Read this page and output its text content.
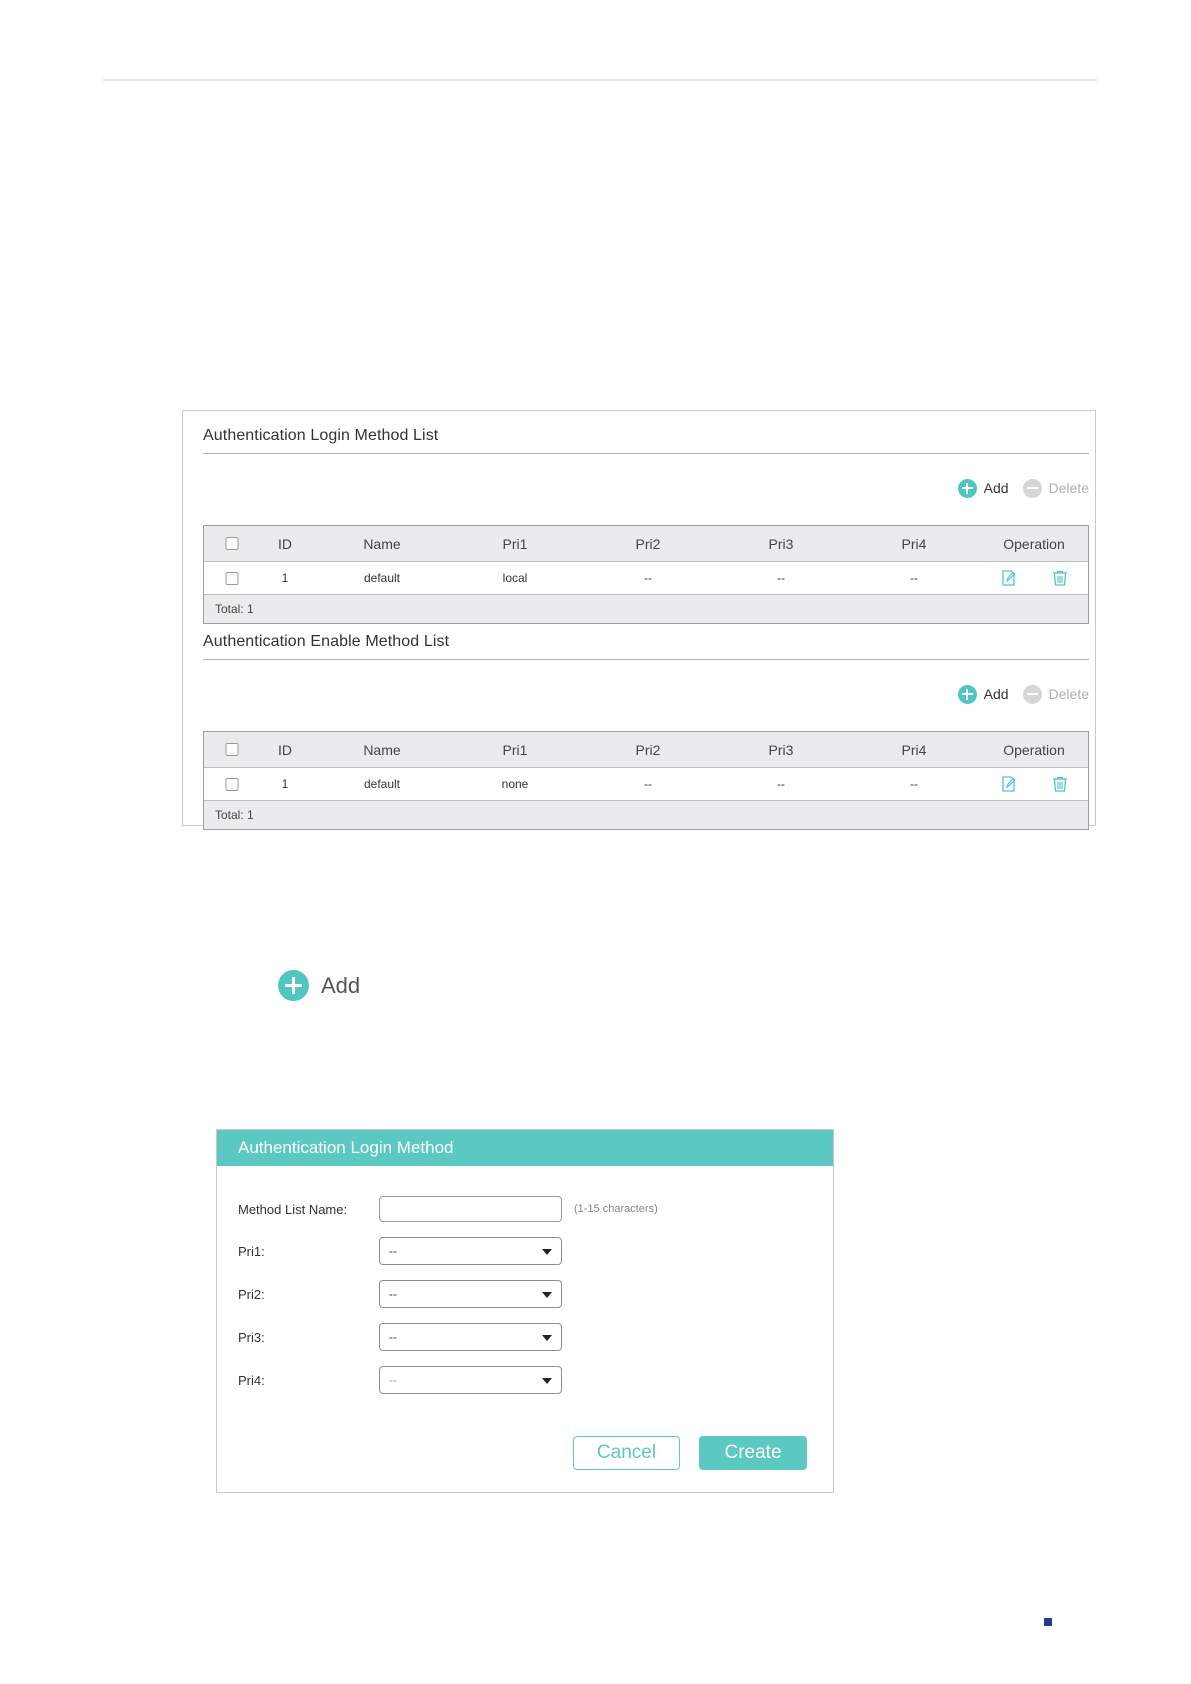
Authentication Login Method List
Add	Delete
ID	Name	Pri1	Pri2	Pri3	Pri4	Operation
1	default	local	--	--	--
Total: 1
Authentication Enable Method List
Add	Delete
ID	Name	Pri1	Pri2	Pri3	Pri4	Operation
1	default	none	--	--	--
Total: 1
Add
Authentication Login Method
Method List Name:	(1-15 characters)
Pri1:	--
Pri2:	--
Pri3:	--
Pri4:	--
Cancel	Create
